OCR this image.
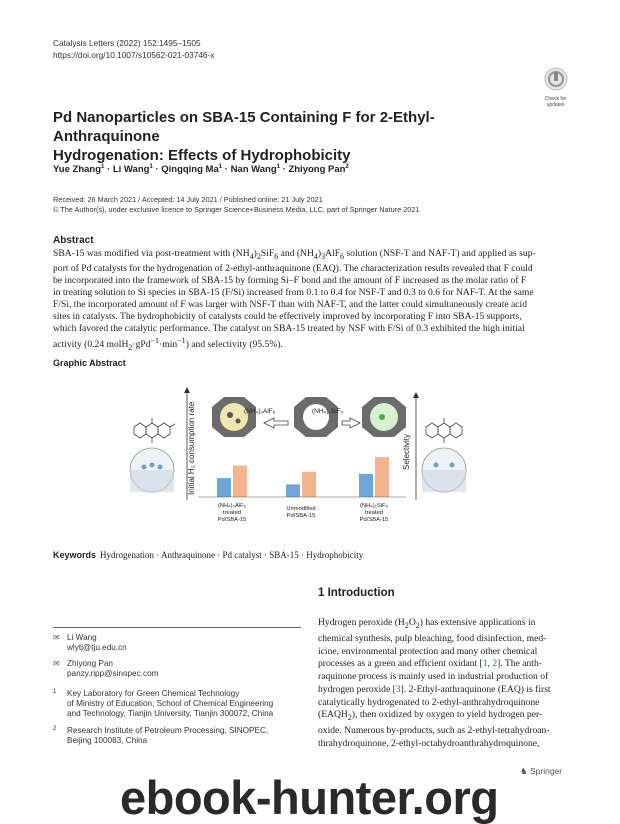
Catalysis Letters (2022) 152:1495–1505
https://doi.org/10.1007/s10562-021-03746-x
Check for
updates
Pd Nanoparticles on SBA-15 Containing F for 2-Ethyl-Anthraquinone
Hydrogenation: Effects of Hydrophobicity
Yue Zhang$^1$ · Li Wang$^1$ · Qingqing $Ma^1$ · Nan Wang$^1$ · Zhiyong Pan$^2$
Received: 26 March 2021 / Accepted: 14 July 2021 / Published online: 21 July 2021
© The Author(s), under exclusive licence to Springer Science+Business Media, LLC, part of Springer Nature 2021
Abstract
SBA-15 was modified via post-treatment with $(NH_4)_2SiF_6$ and $(NH_4)_3AlF_6$ solution (NSF-T and NAF-T) and applied as sup-
port of Pd catalysts for the hydrogenation of 2-ethyl-anthraquinone (EAQ). The characterization results revealed that F could
be incorporated into the framework of SBA-15 by forming Si–F bond and the amount of F increased as the molar ratio of F
in treating solution to Si species in SBA-15 (F/Si) increased from 0.1 to 0.4 for NSF-T and 0.3 to 0.6 for NAF-T. At the same
F/Si, the incorporated amount of F was larger with NSF-T than with NAF-T, and the latter could simultaneously create acid
sites in catalysts. The hydrophobicity of catalysts could be effectively improved by incorporating F into SBA-15 supports,
which favored the catalytic performance. The catalyst on SBA-15 treated by NSF with F/Si of 0.3 exhibited the high initial
activity (0.24 $molH_2\cdot gPd^{-1}\cdot\min^{-1}$) and selectivity (95.5%).
Graphic Abstract
Initial H₂ consumption rate	(NH₄)₃AlF₆	(NH₄)₂SiF₆
Selectivity
(NH₄)₃AlF₆
treated
Pd/SBA-15
Unmodified
Pd/SBA-15
(NH₄)₂SiF₆
treated
Pd/SBA-15
Keywords Hydrogenation · Anthraquinone · Pd catalyst · SBA-15 · Hydrophobicity
1 Introduction
Hydrogen peroxide $(H_2O_2)$ has extensive applications in
chemical synthesis, pulp bleaching, food disinfection, med-
icine, environmental protection and many other chemical
processes as a green and efficient oxidant [1, 2]. The anth-
raquinone process is mainly used in industrial production of
hydrogen peroxide [3]. 2-Ethyl-anthraquinone (EAQ) is first
catalytically hydrogenated to 2-ethyl-anthrahydroquinone
$(EAQH_2)$, then oxidized by oxygen to yield hydrogen per-
oxide. Numerous by-products, such as 2-ethyl-tetrahydroan-
thrahydroquinone, 2-ethyl-octahydroanthrahydroquinone,
✉ Li Wang
wlytj@tju.edu.cn
✉ Zhiyong Pan
panzy.ripp@sinopec.com
1 Key Laboratory for Green Chemical Technology
of Ministry of Education, School of Chemical Engineering
and Technology, Tianjin University, Tianjin 300072, China
2 Research Institute of Petroleum Processing, SINOPEC,
Beijing 100083, China
♞ Springer
ebook-hunter.org
